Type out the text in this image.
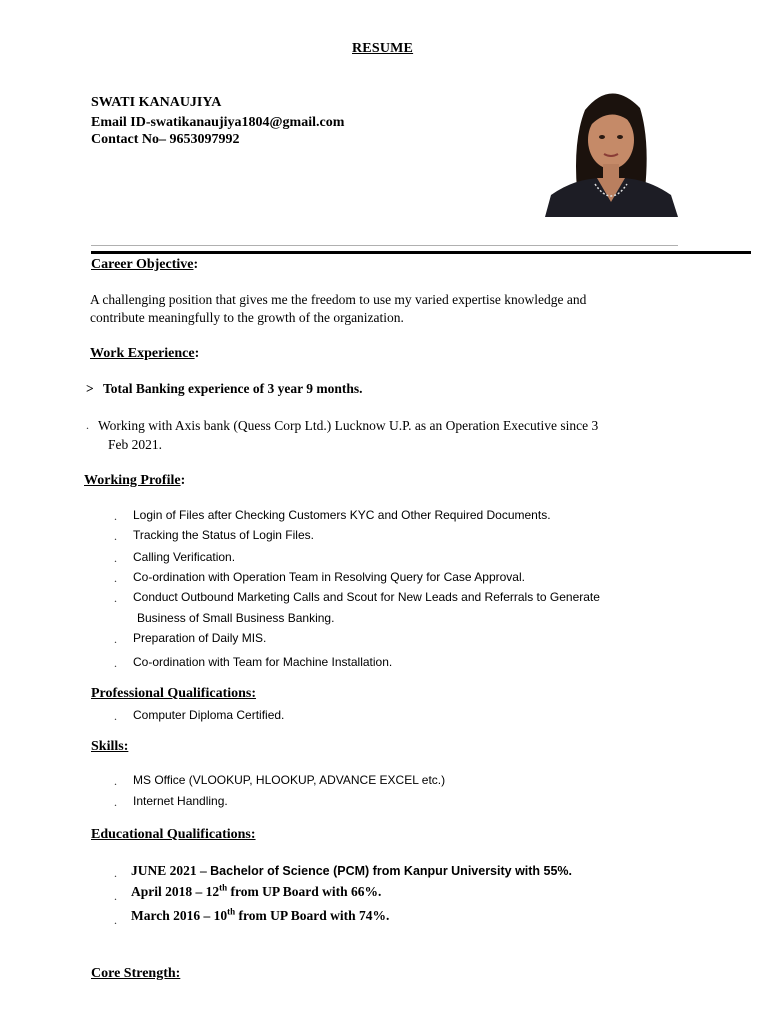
RESUME
SWATI KANAUJIYA
Email ID-swatikanaujiya1804@gmail.com
Contact No– 9653097992
Career Objective:
A challenging position that gives me the freedom to use my varied expertise knowledge and
contribute meaningfully to the growth of the organization.
Work Experience:
> Total Banking experience of 3 year 9 months.
. Working with Axis bank (Quess Corp Ltd.) Lucknow U.P. as an Operation Executive since 3
Feb 2021.
Working Profile:
. Login of Files after Checking Customers KYC and Other Required Documents.
. Tracking the Status of Login Files.
. Calling Verification.
. Co-ordination with Operation Team in Resolving Query for Case Approval.
. Conduct Outbound Marketing Calls and Scout for New Leads and Referrals to Generate
Business of Small Business Banking.
. Preparation of Daily MIS.
. Co-ordination with Team for Machine Installation.
Professional Qualifications:
. Computer Diploma Certified.
Skills:
. MS Office (VLOOKUP, HLOOKUP, ADVANCE EXCEL etc.)
. Internet Handling.
Educational Qualifications:
. JUNE 2021 – Bachelor of Science (PCM) from Kanpur University with 55%.
. April 2018 – 12th from UP Board with 66%.
. March 2016 – 10th from UP Board with 74%.
Core Strength:
